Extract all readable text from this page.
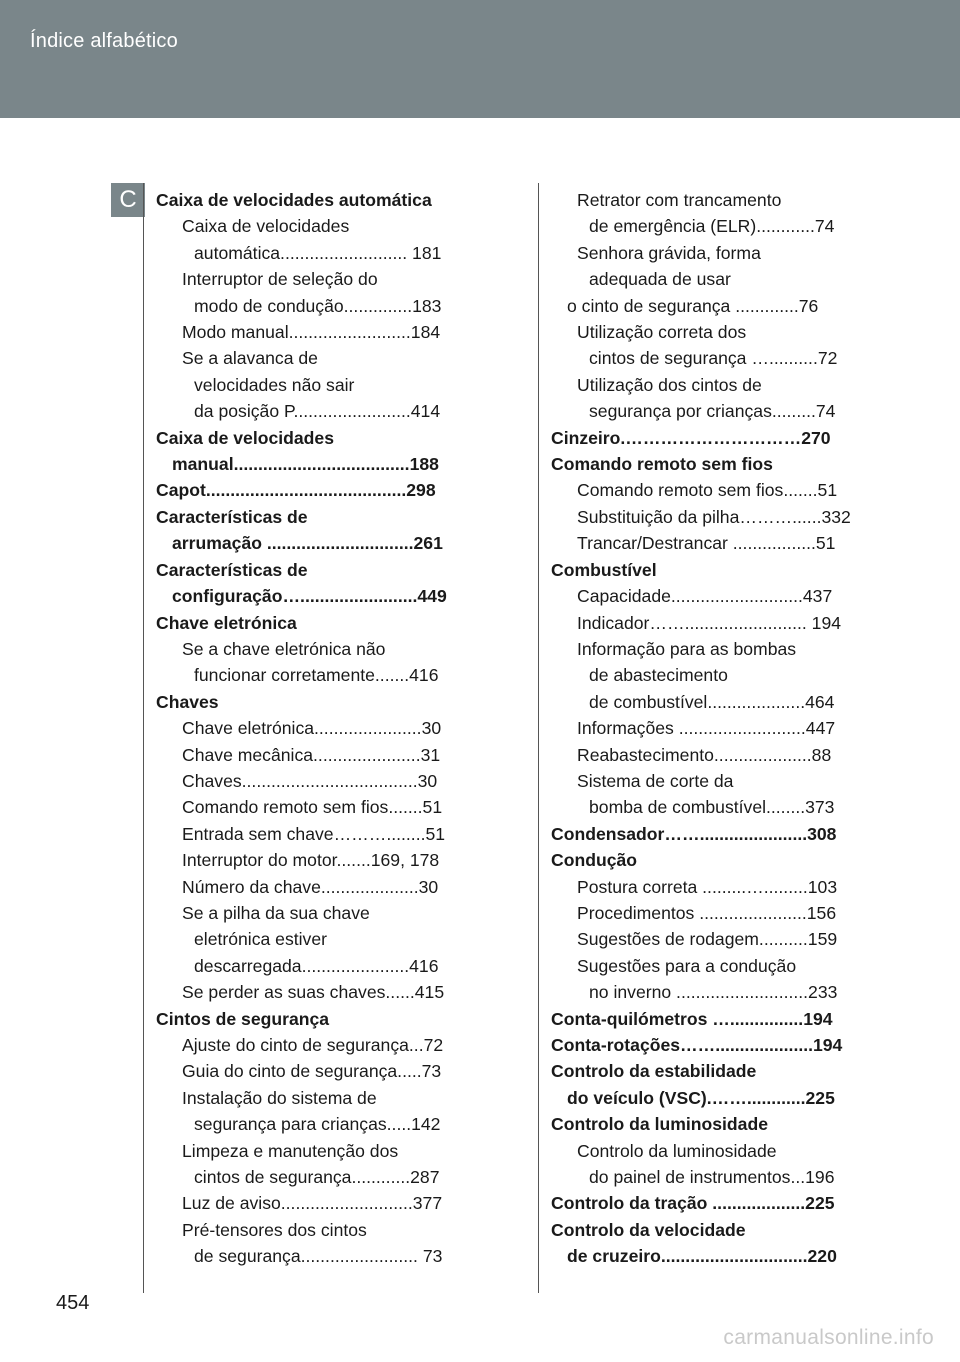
Índice alfabético
C	Caixa de velocidades automática
Caixa de velocidades
automática.......................... 181
Interruptor de seleção do
modo de condução..............183
Modo manual.........................184
Se a alavanca de
velocidades não sair
da posição P........................414
Caixa de velocidades
manual....................................188
Capot.........................................298
Características de
arrumação ..............................261
Características de
configuração…........................449
Chave eletrónica
Se a chave eletrónica não
funcionar corretamente.......416
Chaves
Chave eletrónica......................30
Chave mecânica......................31
Chaves....................................30
Comando remoto sem fios.......51
Entrada sem chave………........51
Interruptor do motor.......169, 178
Número da chave....................30
Se a pilha da sua chave
eletrónica estiver
descarregada......................416
Se perder as suas chaves......415
Cintos de segurança
Ajuste do cinto de segurança...72
Guia do cinto de segurança.....73
Instalação do sistema de
segurança para crianças.....142
Limpeza e manutenção dos
cintos de segurança............287
Luz de aviso...........................377
Pré-tensores dos cintos
de segurança........................ 73
Retrator com trancamento
de emergência (ELR)............74
Senhora grávida, forma
adequada de usar
o cinto de segurança .............76
Utilização correta dos
cintos de segurança …..........72
Utilização dos cintos de
segurança por crianças.........74
Cinzeiro.…………………………270
Comando remoto sem fios
Comando remoto sem fios.......51
Substituição da pilha………......332
Trancar/Destrancar .................51
Combustível
Capacidade...........................437
Indicador……......................... 194
Informação para as bombas
de abastecimento
de combustível....................464
Informações ..........................447
Reabastecimento....................88
Sistema de corte da
bomba de combustível........373
Condensador……......................308
Condução
Postura correta .........….........103
Procedimentos ......................156
Sugestões de rodagem..........159
Sugestões para a condução
no inverno ...........................233
Conta-quilómetros …...............194
Conta-rotações……....................194
Controlo da estabilidade
do veículo (VSC).……............225
Controlo da luminosidade
Controlo da luminosidade
do painel de instrumentos...196
Controlo da tração ...................225
Controlo da velocidade
de cruzeiro..............................220
454
carmanualsonline.info
